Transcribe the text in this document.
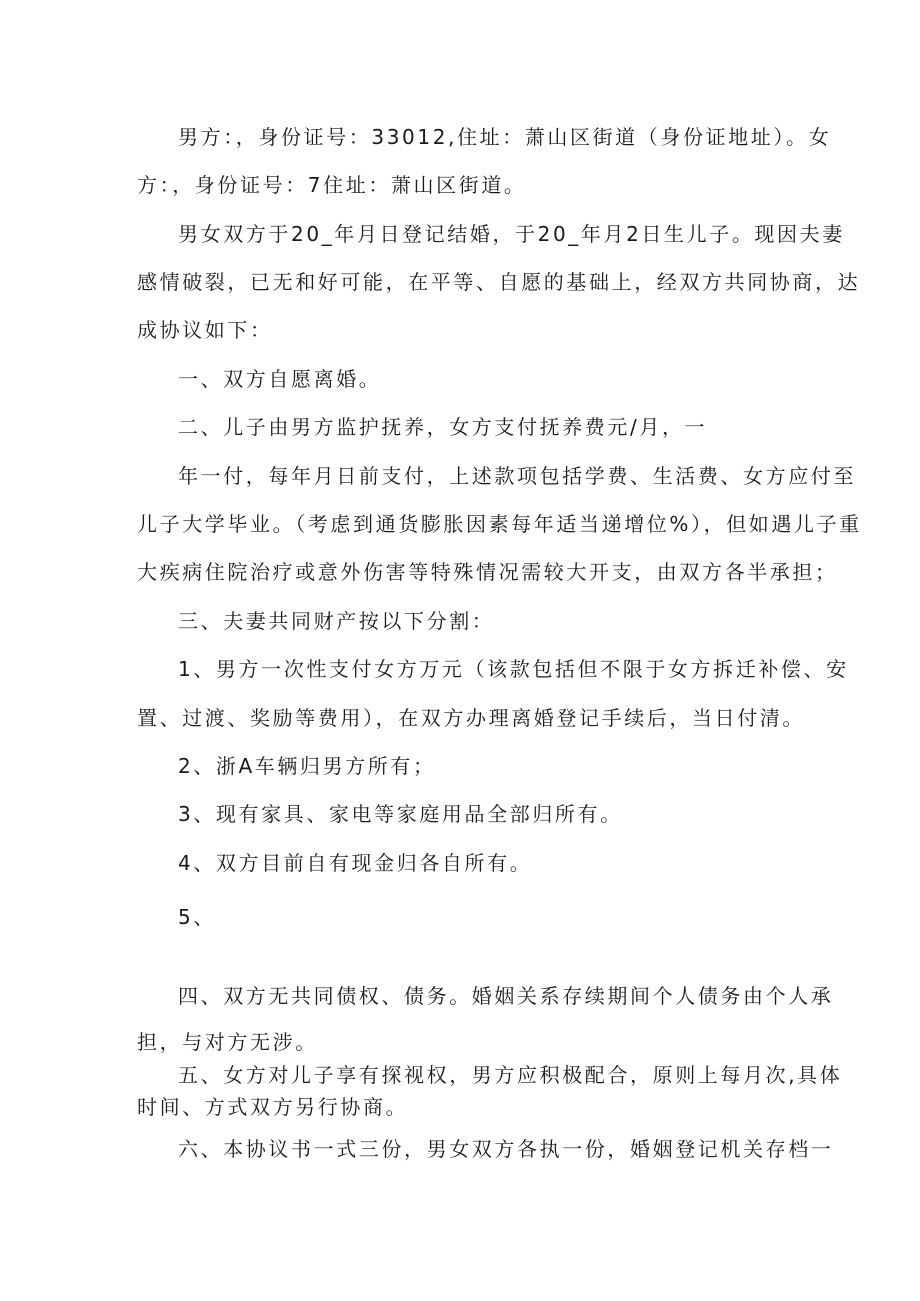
男方：，身份证号：33012,住址：萧山区街道（身份证地址）。女
方：，身份证号：7住址：萧山区街道。
男女双方于20_年月日登记结婚，于20_年月2日生儿子。现因夫妻
感情破裂，已无和好可能，在平等、自愿的基础上，经双方共同协商，达
成协议如下：
一、双方自愿离婚。
二、儿子由男方监护抚养，女方支付抚养费元/月，一
年一付，每年月日前支付，上述款项包括学费、生活费、女方应付至
儿子大学毕业。（考虑到通货膨胀因素每年适当递增位%），但如遇儿子重
大疾病住院治疗或意外伤害等特殊情况需较大开支，由双方各半承担；
三、夫妻共同财产按以下分割：
1、男方一次性支付女方万元（该款包括但不限于女方拆迁补偿、安
置、过渡、奖励等费用），在双方办理离婚登记手续后，当日付清。
2、浙A车辆归男方所有；
3、现有家具、家电等家庭用品全部归所有。
4、双方目前自有现金归各自所有。
5、
四、双方无共同债权、债务。婚姻关系存续期间个人债务由个人承
担，与对方无涉。
五、女方对儿子享有探视权，男方应积极配合，原则上每月次,具体
时间、方式双方另行协商。
六、本协议书一式三份，男女双方各执一份，婚姻登记机关存档一
